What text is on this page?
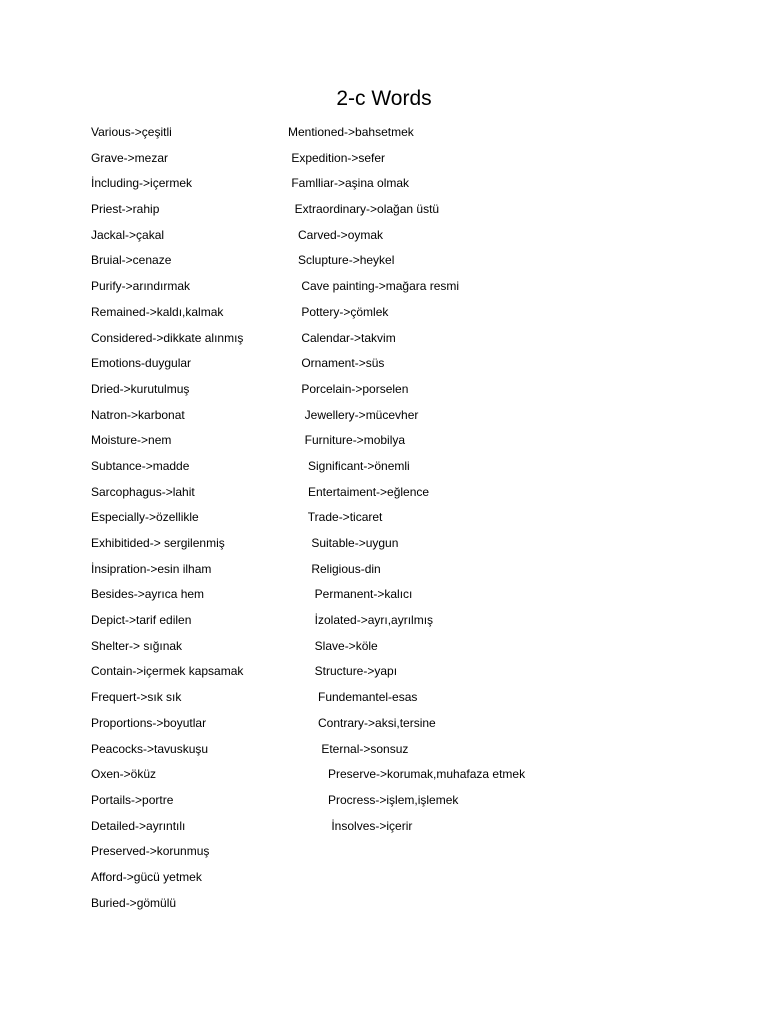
2-c Words
Various->çeşitli
Grave->mezar
İncluding->içermek
Priest->rahip
Jackal->çakal
Bruial->cenaze
Purify->arındırmak
Remained->kaldı,kalmak
Considered->dikkate alınmış
Emotions-duygular
Dried->kurutulmuş
Natron->karbonat
Moisture->nem
Subtance->madde
Sarcophagus->lahit
Especially->özellikle
Exhibitided-> sergilenmiş
İnsipration->esin ilham
Besides->ayrıca hem
Depict->tarif edilen
Shelter-> sığınak
Contain->içermek kapsamak
Frequert->sık sık
Proportions->boyutlar
Peacocks->tavuskuşu
Oxen->öküz
Portails->portre
Detailed->ayrıntılı
Preserved->korunmuş
Afford->gücü yetmek
Buried->gömülü
Mentioned->bahsetmek
Expedition->sefer
Famlliar->aşina olmak
Extraordinary->olağan üstü
Carved->oymak
Sclupture->heykel
Cave painting->mağara resmi
Pottery->çömlek
Calendar->takvim
Ornament->süs
Porcelain->porselen
Jewellery->mücevher
Furniture->mobilya
Significant->önemli
Entertaiment->eğlence
Trade->ticaret
Suitable->uygun
Religious-din
Permanent->kalıcı
İzolated->ayrı,ayrılmış
Slave->köle
Structure->yapı
Fundemantel-esas
Contrary->aksi,tersine
Eternal->sonsuz
Preserve->korumak,muhafaza etmek
Procress->işlem,işlemek
İnsolves->içerir
